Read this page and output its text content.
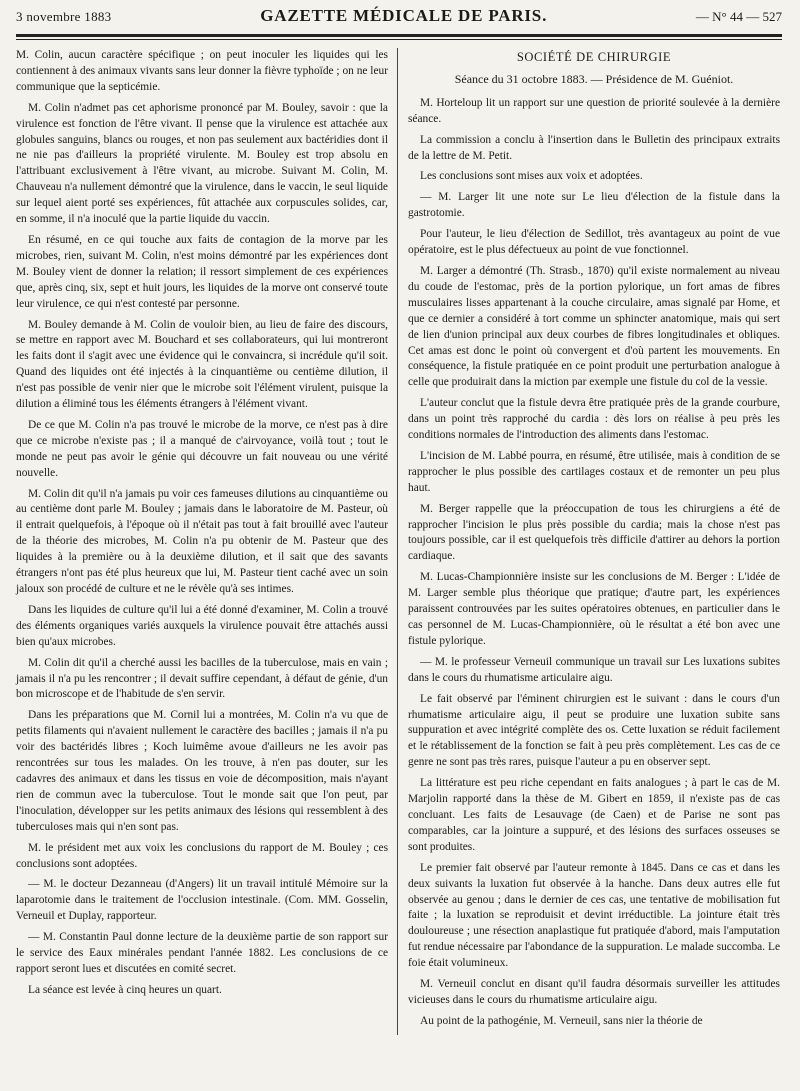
3 novembre 1883	GAZETTE MÉDICALE DE PARIS.	— N° 44 — 527

M. Colin, aucun caractère spécifique ; on peut inoculer les liquides qui les contiennent à des animaux vivants sans leur donner la fièvre typhoïde ; on ne leur communique que la septicémie.

M. Colin n'admet pas cet aphorisme prononcé par M. Bouley, savoir : que la virulence est fonction de l'être vivant. Il pense que la virulence est attachée aux globules sanguins, blancs ou rouges, et non pas seulement aux bactéridies dont il ne nie pas d'ailleurs la propriété virulente. M. Bouley est trop absolu en l'attribuant exclusivement à l'être vivant, au microbe. Suivant M. Colin, M. Chauveau n'a nullement démontré que la virulence, dans le vaccin, le seul liquide sur lequel aient porté ses expériences, fût attachée aux corpuscules solides, car, en somme, il n'a inoculé que la partie liquide du vaccin.

En résumé, en ce qui touche aux faits de contagion de la morve par les microbes, rien, suivant M. Colin, n'est moins démontré par les expériences dont M. Bouley vient de donner la relation; il ressort simplement de ces expériences que, après cinq, six, sept et huit jours, les liquides de la morve ont conservé toute leur virulence, ce qui n'est contesté par personne.

M. Bouley demande à M. Colin de vouloir bien, au lieu de faire des discours, se mettre en rapport avec M. Bouchard et ses collaborateurs, qui lui montreront les faits dont il s'agit avec une évidence qui le convaincra, si incrédule qu'il soit. Quand des liquides ont été injectés à la cinquantième ou centième dilution, il n'est pas possible de venir nier que le microbe soit l'élément virulent, puisque la dilution a éliminé tous les éléments étrangers à l'élément vivant.

De ce que M. Colin n'a pas trouvé le microbe de la morve, ce n'est pas à dire que ce microbe n'existe pas ; il a manqué de c'airvoyance, voilà tout ; tout le monde ne peut pas avoir le génie qui découvre un fait nouveau ou une vérité nouvelle.

M. Colin dit qu'il n'a jamais pu voir ces fameuses dilutions au cinquantième ou au centième dont parle M. Bouley ; jamais dans le laboratoire de M. Pasteur, où il entrait quelquefois, à l'époque où il n'était pas tout à fait brouillé avec l'auteur de la théorie des microbes, M. Colin n'a pu obtenir de M. Pasteur que des liquides à la première ou à la deuxième dilution, et il sait que des savants étrangers n'ont pas été plus heureux que lui, M. Pasteur tient caché avec un soin jaloux son procédé de culture et ne le révèle qu'à ses intimes.

Dans les liquides de culture qu'il lui a été donné d'examiner, M. Colin a trouvé des éléments organiques variés auxquels la virulence pouvait être attachés aussi bien qu'aux microbes.

M. Colin dit qu'il a cherché aussi les bacilles de la tuberculose, mais en vain ; jamais il n'a pu les rencontrer ; il devait suffire cependant, à défaut de génie, d'un bon microscope et de l'habitude de s'en servir.

Dans les préparations que M. Cornil lui a montrées, M. Colin n'a vu que de petits filaments qui n'avaient nullement le caractère des bacilles ; jamais il n'a pu voir des bactéridés libres ; Koch luimême avoue d'ailleurs ne les avoir pas rencontrées sur tous les malades. On les trouve, à n'en pas douter, sur les cadavres des animaux et dans les tissus en voie de décomposition, mais n'ayant rien de commun avec la tuberculose. Tout le monde sait que l'on peut, par l'inoculation, développer sur les petits animaux des lésions qui ressemblent à des tuberculoses mais qui n'en sont pas.

M. le président met aux voix les conclusions du rapport de M. Bouley ; ces conclusions sont adoptées.

— M. le docteur Dezanneau (d'Angers) lit un travail intitulé Mémoire sur la laparotomie dans le traitement de l'occlusion intestinale. (Com. MM. Gosselin, Verneuil et Duplay, rapporteur.

— M. Constantin Paul donne lecture de la deuxième partie de son rapport sur le service des Eaux minérales pendant l'année 1882. Les conclusions de ce rapport seront lues et discutées en comité secret.

La séance est levée à cinq heures un quart.

SOCIÉTÉ DE CHIRURGIE
Séance du 31 octobre 1883. — Présidence de M. Guéniot.

M. Horteloup lit un rapport sur une question de priorité soulevée à la dernière séance.

La commission a conclu à l'insertion dans le Bulletin des principaux extraits de la lettre de M. Petit.

Les conclusions sont mises aux voix et adoptées.

— M. Larger lit une note sur Le lieu d'élection de la fistule dans la gastrotomie.

Pour l'auteur, le lieu d'élection de Sedillot, très avantageux au point de vue opératoire, est le plus défectueux au point de vue fonctionnel.

M. Larger a démontré (Th. Strasb., 1870) qu'il existe normalement au niveau du coude de l'estomac, près de la portion pylorique, un fort amas de fibres musculaires lisses appartenant à la couche circulaire, amas signalé par Home, et que ce dernier a considéré à tort comme un sphincter anatomique, mais qui sert de lien d'union principal aux deux courbes de fibres longitudinales et obliques. Cet amas est donc le point où convergent et d'où partent les mouvements. En conséquence, la fistule pratiquée en ce point produit une perturbation analogue à celle que produirait dans la miction par exemple une fistule du col de la vessie.

L'auteur conclut que la fistule devra être pratiquée près de la grande courbure, dans un point très rapproché du cardia : dès lors on réalise à peu près les conditions normales de l'introduction des aliments dans l'estomac.

L'incision de M. Labbé pourra, en résumé, être utilisée, mais à condition de se rapprocher le plus possible des cartilages costaux et de remonter un peu plus haut.

M. Berger rappelle que la préoccupation de tous les chirurgiens a été de rapprocher l'incision le plus près possible du cardia; mais la chose n'est pas toujours possible, car il est quelquefois très difficile d'attirer au dehors la portion cardiaque.

M. Lucas-Championnière insiste sur les conclusions de M. Berger : L'idée de M. Larger semble plus théorique que pratique; d'autre part, les expériences paraissent controuvées par les suites opératoires obtenues, en particulier dans le cas personnel de M. Lucas-Championnière, où le résultat a été bon avec une fistule pylorique.

— M. le professeur Verneuil communique un travail sur Les luxations subites dans le cours du rhumatisme articulaire aigu.

Le fait observé par l'éminent chirurgien est le suivant : dans le cours d'un rhumatisme articulaire aigu, il peut se produire une luxation subite sans suppuration et avec intégrité complète des os. Cette luxation se réduit facilement et le rétablissement de la fonction se fait à peu près complètement. Les cas de ce genre ne sont pas très rares, puisque l'auteur a pu en observer sept.

La littérature est peu riche cependant en faits analogues ; à part le cas de M. Marjolin rapporté dans la thèse de M. Gibert en 1859, il n'existe pas de cas concluant. Les faits de Lesauvage (de Caen) et de Parise ne sont pas comparables, car la jointure a suppuré, et des lésions des surfaces osseuses se sont produites.

Le premier fait observé par l'auteur remonte à 1845. Dans ce cas et dans les deux suivants la luxation fut observée à la hanche. Dans deux autres elle fut observée au genou ; dans le dernier de ces cas, une tentative de mobilisation fut faite ; la luxation se reproduisit et devint irréductible. La jointure était très douloureuse ; une résection anaplastique fut pratiquée d'abord, mais l'amputation fut rendue nécessaire par l'abondance de la suppuration. Le malade succomba. Le foie était volumineux.

M. Verneuil conclut en disant qu'il faudra désormais surveiller les attitudes vicieuses dans le cours du rhumatisme articulaire aigu.

Au point de la pathogénie, M. Verneuil, sans nier la théorie de
